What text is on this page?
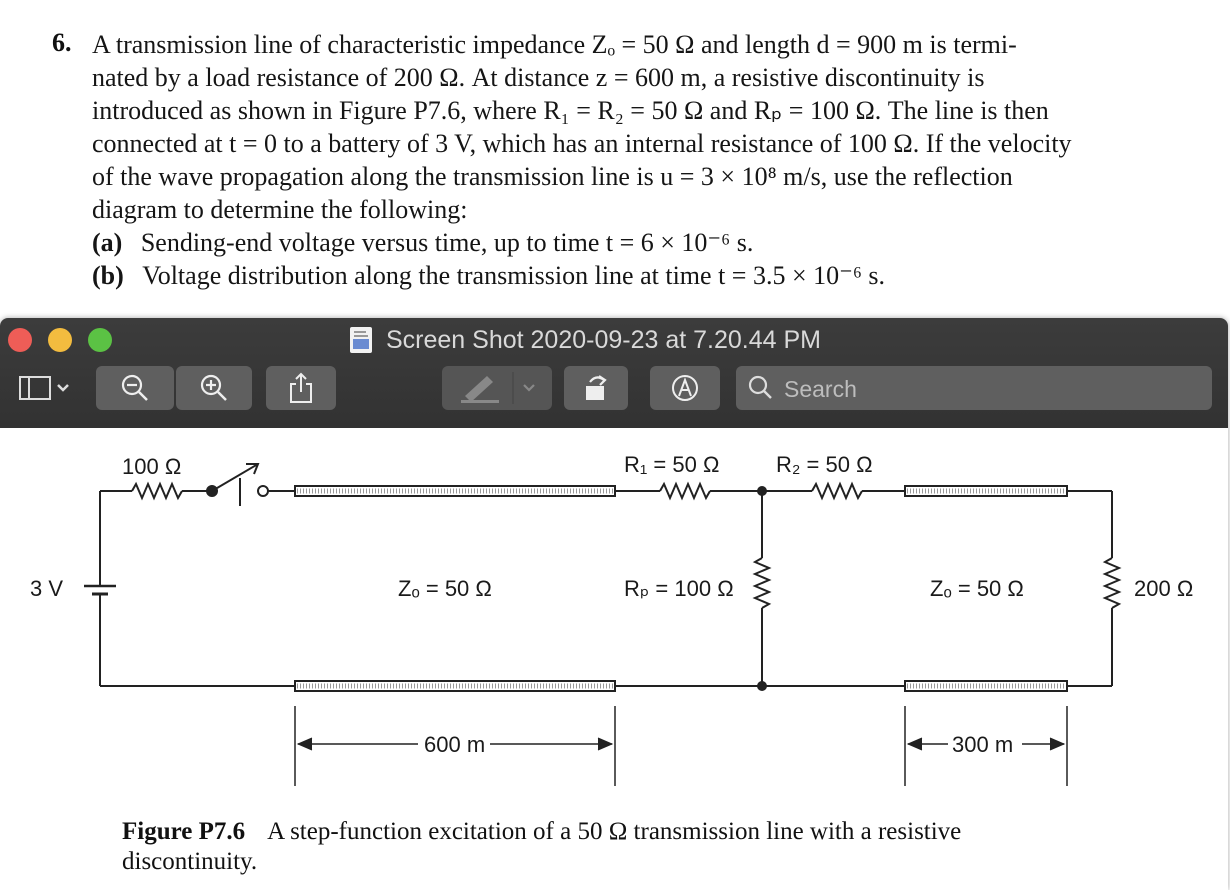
6. A transmission line of characteristic impedance Zₒ = 50 Ω and length d = 900 m is termi-
nated by a load resistance of 200 Ω. At distance z = 600 m, a resistive discontinuity is
introduced as shown in Figure P7.6, where R₁ = R₂ = 50 Ω and Rₚ = 100 Ω. The line is then
connected at t = 0 to a battery of 3 V, which has an internal resistance of 100 Ω. If the velocity
of the wave propagation along the transmission line is u = 3 × 10⁸ m/s, use the reflection
diagram to determine the following:
(a) Sending-end voltage versus time, up to time t = 6 × 10⁻⁶ s.
(b) Voltage distribution along the transmission line at time t = 3.5 × 10⁻⁶ s.
Screen Shot 2020-09-23 at 7.20.44 PM
Search
100 Ω
3 V	Zₒ = 50 Ω
R₁ = 50 Ω	R₂ = 50 Ω
Rₚ = 100 Ω	Zₒ = 50 Ω	200 Ω
600 m	300 m
Figure P7.6 A step-function excitation of a 50 Ω transmission line with a resistive
discontinuity.
